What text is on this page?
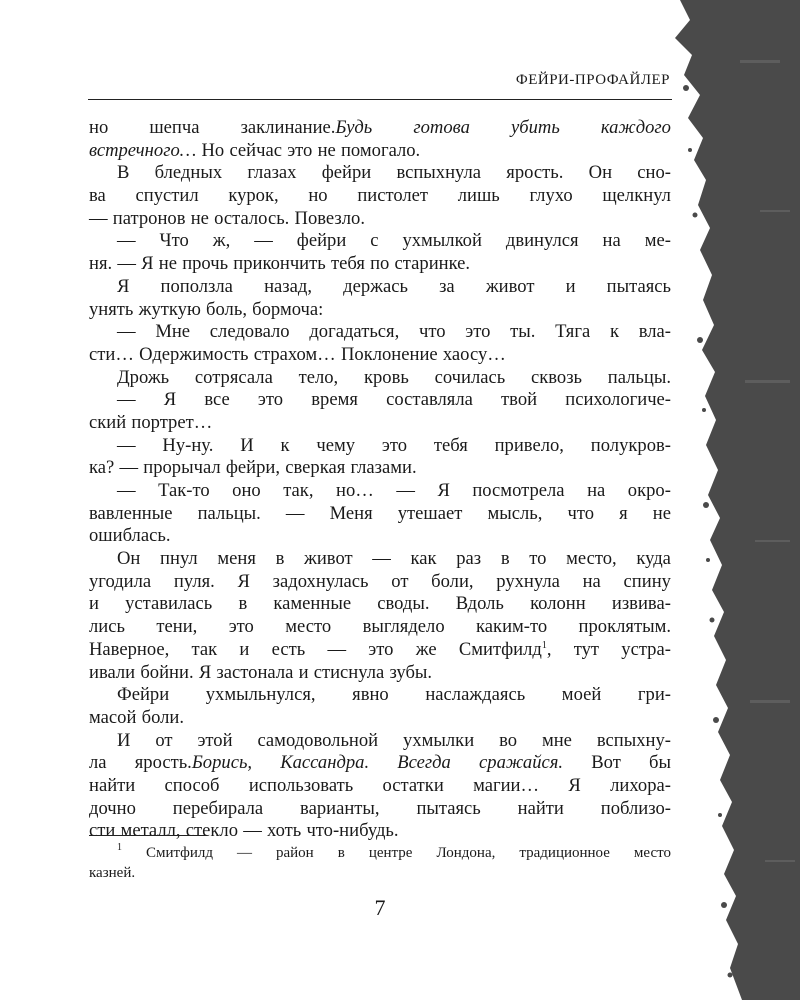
ФЕЙРИ-ПРОФАЙЛЕР
но шепча заклинание.Будь готова убить каждого
встречного… Но сейчас это не помогало.
В бледных глазах фейри вспыхнула ярость. Он сно-
ва спустил курок, но пистолет лишь глухо щелкнул
— патронов не осталось. Повезло.
— Что ж, — фейри с ухмылкой двинулся на ме-
ня. — Я не прочь прикончить тебя по старинке.
Я поползла назад, держась за живот и пытаясь
унять жуткую боль, бормоча:
— Мне следовало догадаться, что это ты. Тяга к вла-
сти… Одержимость страхом… Поклонение хаосу…
Дрожь сотрясала тело, кровь сочилась сквозь пальцы.
— Я все это время составляла твой психологиче-
ский портрет…
— Ну-ну. И к чему это тебя привело, полукров-
ка? — прорычал фейри, сверкая глазами.
— Так-то оно так, но… — Я посмотрела на окро-
вавленные пальцы. — Меня утешает мысль, что я не
ошиблась.
Он пнул меня в живот — как раз в то место, куда
угодила пуля. Я задохнулась от боли, рухнула на спину
и уставилась в каменные своды. Вдоль колонн извива-
лись тени, это место выглядело каким-то проклятым.
Наверное, так и есть — это же Смитфилд$^1$, тут устра-
ивали бойни. Я застонала и стиснула зубы.
Фейри ухмыльнулся, явно наслаждаясь моей гри-
масой боли.
И от этой самодовольной ухмылки во мне вспыхну-
ла ярость.Борись, Кассандра. Всегда сражайся. Вот бы
найти способ использовать остатки магии… Я лихора-
дочно перебирала варианты, пытаясь найти поблизо-
сти металл, стекло — хоть что-нибудь.
$^1$ Смитфилд — район в центре Лондона, традиционное место
казней.
7
